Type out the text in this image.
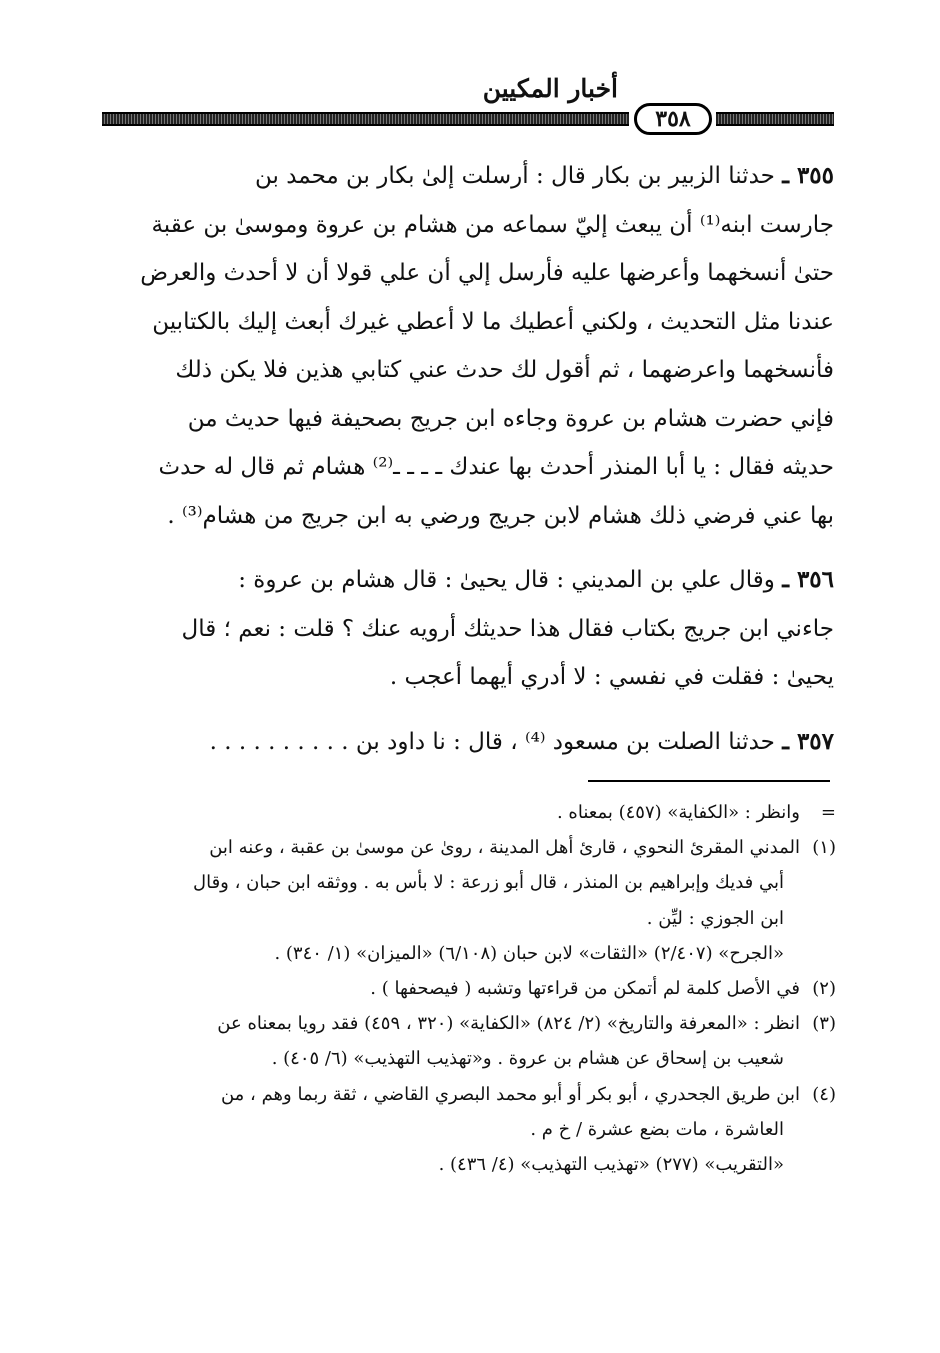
أخبار المكيين
٣٥٨
٣٥٥ ـ حدثنا الزبير بن بكار قال : أرسلت إلىٰ بكار بن محمد بن
جارست ابنه⁽¹⁾ أن يبعث إليّ سماعه من هشام بن عروة وموسىٰ بن عقبة
حتىٰ أنسخهما وأعرضها عليه فأرسل إلي أن علي قولا أن لا أحدث والعرض
عندنا مثل التحديث ، ولكني أعطيك ما لا أعطي غيرك أبعث إليك بالكتابين
فأنسخهما واعرضهما ، ثم أقول لك حدث عني كتابي هذين فلا يكن ذلك
فإني حضرت هشام بن عروة وجاءه ابن جريج بصحيفة فيها حديث من
حديثه فقال : يا أبا المنذر أحدث بها عندك ـ ـ ـ ـ⁽²⁾ هشام ثم قال له حدث
بها عني فرضي ذلك هشام لابن جريج ورضي به ابن جريج من هشام⁽³⁾ .
٣٥٦ ـ وقال علي بن المديني : قال يحيىٰ : قال هشام بن عروة :
جاءني ابن جريج بكتاب فقال هذا حديثك أرويه عنك ؟ قلت : نعم ؛ قال
يحيىٰ : فقلت في نفسي : لا أدري أيهما أعجب .
٣٥٧ ـ حدثنا الصلت بن مسعود ⁽⁴⁾ ، قال : نا داود بن . . . . . . . . . .
=وانظر : «الكفاية» (٤٥٧) بمعناه .
(١)المدني المقرئ النحوي ، قارئ أهل المدينة ، روىٰ عن موسىٰ بن عقبة ، وعنه ابن
أبي فديك وإبراهيم بن المنذر ، قال أبو زرعة : لا بأس به . ووثقه ابن حبان ، وقال
ابن الجوزي : ليِّن .
«الجرح» (٢/٤٠٧) «الثقات» لابن حبان (٦/١٠٨) «الميزان» (١/ ٣٤٠) .
(٢)في الأصل كلمة لم أتمكن من قراءتها وتشبه ( فيصحفها ) .
(٣)انظر : «المعرفة والتاريخ» (٢/ ٨٢٤) «الكفاية» (٣٢٠ ، ٤٥٩) فقد رويا بمعناه عن
شعيب بن إسحاق عن هشام بن عروة . و«تهذيب التهذيب» (٦/ ٤٠٥) .
(٤)ابن طريق الجحدري ، أبو بكر أو أبو محمد البصري القاضي ، ثقة ربما وهم ، من
العاشرة ، مات بضع عشرة / خ م .
«التقريب» (٢٧٧) «تهذيب التهذيب» (٤/ ٤٣٦) .
